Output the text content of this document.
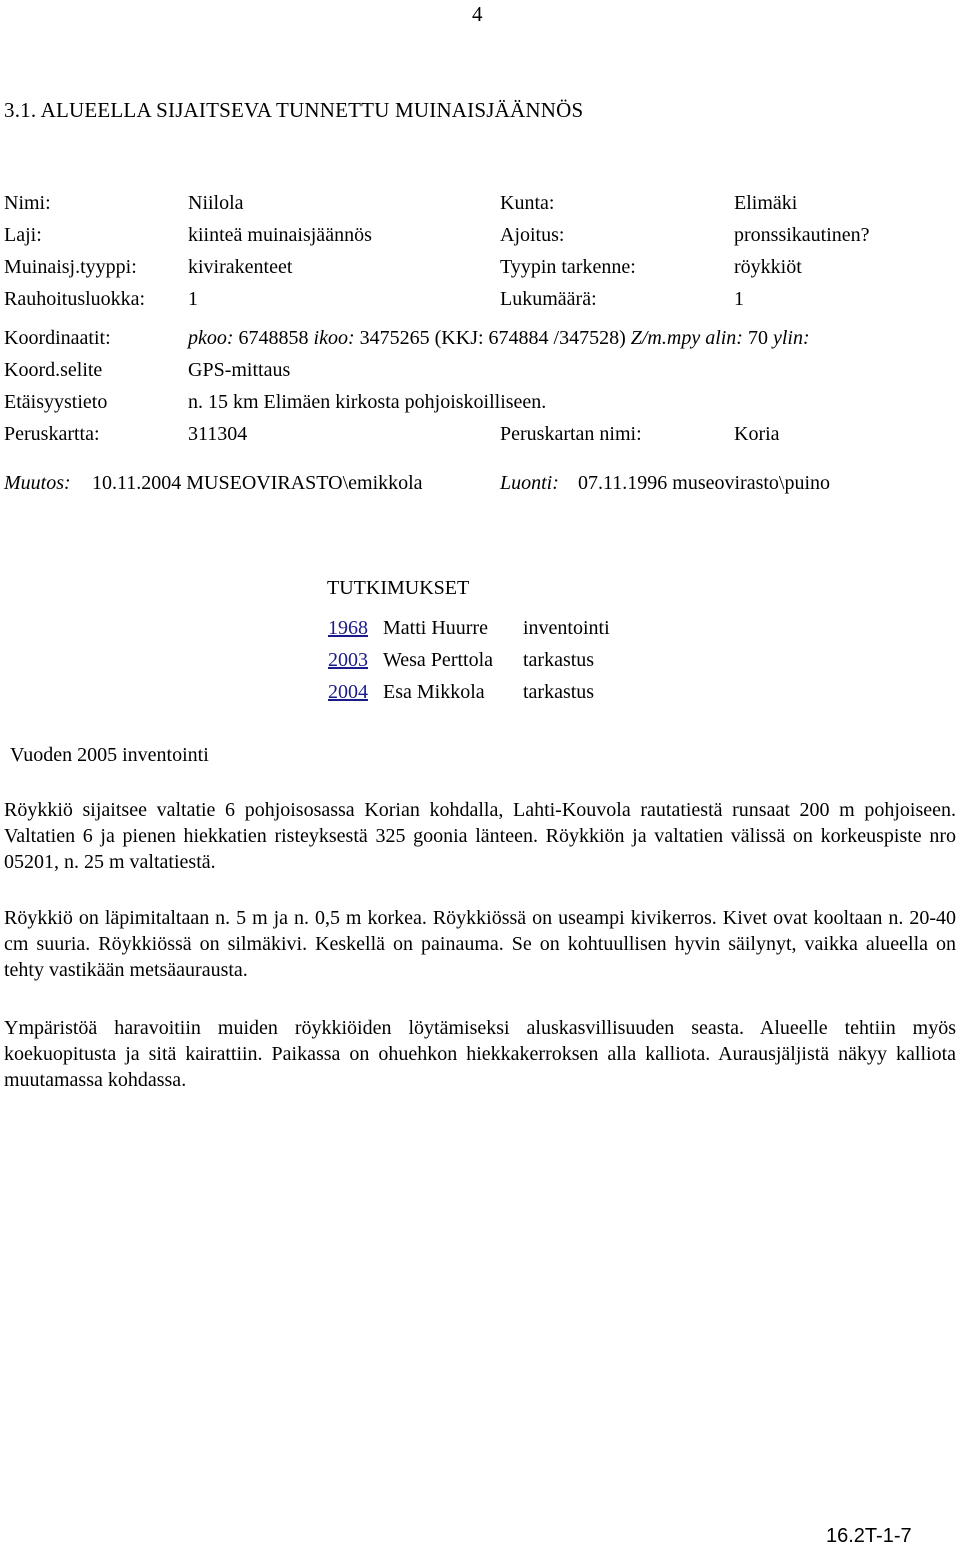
4
3.1. ALUEELLA SIJAITSEVA TUNNETTU MUINAISJÄÄNNÖS
Nimi:	Niilola	Kunta:	Elimäki
Laji:	kiinteä muinaisjäännös	Ajoitus:	pronssikautinen?
Muinaisj.tyyppi:	kivirakenteet	Tyypin tarkenne:	röykkiöt
Rauhoitusluokka: 1	Lukumäärä:	1
Koordinaatit:	pkoo: 6748858 ikoo: 3475265 (KKJ: 674884 /347528) Z/m.mpy alin: 70 ylin:
Koord.selite	GPS-mittaus
Etäisyystieto	n. 15 km Elimäen kirkosta pohjoiskoilliseen.
Peruskartta:	311304	Peruskartan nimi:	Koria
Muutos: 10.11.2004 MUSEOVIRASTO\emikkola	Luonti: 07.11.1996 museovirasto\puino
TUTKIMUKSET
1968 Matti Huurre inventointi
2003 Wesa Perttola tarkastus
2004 Esa Mikkola tarkastus
Vuoden 2005 inventointi
Röykkiö sijaitsee valtatie 6 pohjoisosassa Korian kohdalla, Lahti-Kouvola rautatiestä runsaat 200 m pohjoiseen. Valtatien 6 ja pienen hiekkatien risteyksestä 325 goonia länteen. Röykkiön ja valtatien välissä on korkeuspiste nro 05201, n. 25 m valtatiestä.
Röykkiö on läpimitaltaan n. 5 m ja n. 0,5 m korkea. Röykkiössä on useampi kivikerros. Kivet ovat kooltaan n. 20-40 cm suuria. Röykkiössä on silmäkivi. Keskellä on painauma. Se on kohtuullisen hyvin säilynyt, vaikka alueella on tehty vastikään metsäaurausta.
Ympäristöä haravoitiin muiden röykkiöiden löytämiseksi aluskasvillisuuden seasta. Alueelle tehtiin myös koekuopitusta ja sitä kairattiin. Paikassa on ohuehkon hiekkakerroksen alla kalliota. Aurausjäljistä näkyy kalliota muutamassa kohdassa.
16.2T-1-7
